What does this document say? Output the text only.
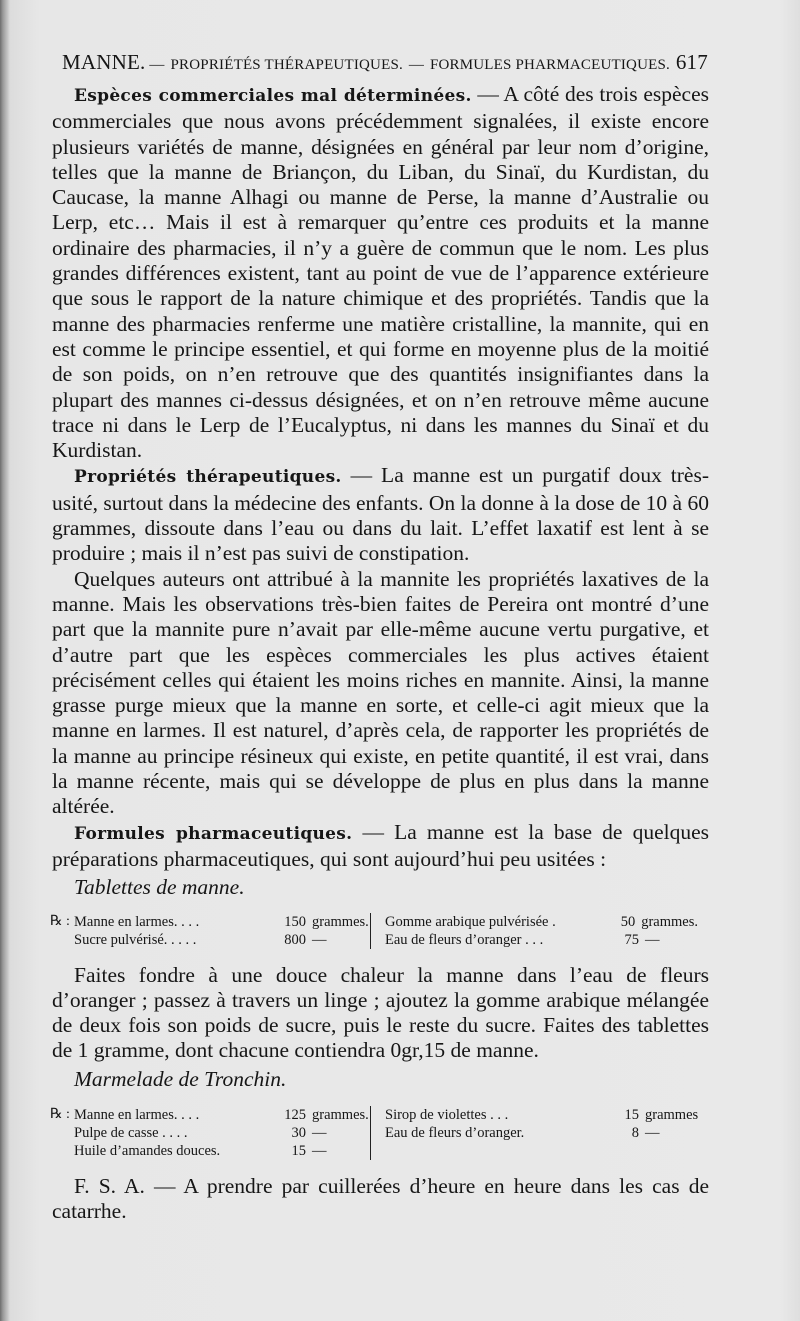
MANNE. — PROPRIÉTÉS THÉRAPEUTIQUES. — FORMULES PHARMACEUTIQUES. 617

Espèces commerciales mal déterminées. — A côté des trois espèces commerciales que nous avons précédemment signalées, il existe encore plusieurs variétés de manne, désignées en général par leur nom d’origine, telles que la manne de Briançon, du Liban, du Sinaï, du Kurdistan, du Caucase, la manne Alhagi ou manne de Perse, la manne d’Australie ou Lerp, etc… Mais il est à remarquer qu’entre ces produits et la manne ordinaire des pharmacies, il n’y a guère de commun que le nom. Les plus grandes différences existent, tant au point de vue de l’apparence extérieure que sous le rapport de la nature chimique et des propriétés. Tandis que la manne des pharmacies renferme une matière cristalline, la mannite, qui en est comme le principe essentiel, et qui forme en moyenne plus de la moitié de son poids, on n’en retrouve que des quantités insignifiantes dans la plupart des mannes ci-dessus désignées, et on n’en retrouve même aucune trace ni dans le Lerp de l’Eucalyptus, ni dans les mannes du Sinaï et du Kurdistan.

Propriétés thérapeutiques. — La manne est un purgatif doux très-usité, surtout dans la médecine des enfants. On la donne à la dose de 10 à 60 grammes, dissoute dans l’eau ou dans du lait. L’effet laxatif est lent à se produire ; mais il n’est pas suivi de constipation.

Quelques auteurs ont attribué à la mannite les propriétés laxatives de la manne. Mais les observations très-bien faites de Pereira ont montré d’une part que la mannite pure n’avait par elle-même aucune vertu purgative, et d’autre part que les espèces commerciales les plus actives étaient précisément celles qui étaient les moins riches en mannite. Ainsi, la manne grasse purge mieux que la manne en sorte, et celle-ci agit mieux que la manne en larmes. Il est naturel, d’après cela, de rapporter les propriétés de la manne au principe résineux qui existe, en petite quantité, il est vrai, dans la manne récente, mais qui se développe de plus en plus dans la manne altérée.

Formules pharmaceutiques. — La manne est la base de quelques préparations pharmaceutiques, qui sont aujourd’hui peu usitées :

Tablettes de manne.

℞ : Manne en larmes. . . .	150 grammes.
Sucre pulvérisé. . . . .	800 —
Gomme arabique pulvérisée .	50 grammes.
Eau de fleurs d’oranger . . .	75 —

Faites fondre à une douce chaleur la manne dans l’eau de fleurs d’oranger ; passez à travers un linge ; ajoutez la gomme arabique mélangée de deux fois son poids de sucre, puis le reste du sucre. Faites des tablettes de 1 gramme, dont chacune contiendra 0gr,15 de manne.

Marmelade de Tronchin.

℞ : Manne en larmes. . . .	125 grammes.
Pulpe de casse . . . .	30 —
Huile d’amandes douces.	15 —
Sirop de violettes . . .	15 grammes
Eau de fleurs d’oranger.	8 —

F. S. A. — A prendre par cuillerées d’heure en heure dans les cas de catarrhe.
